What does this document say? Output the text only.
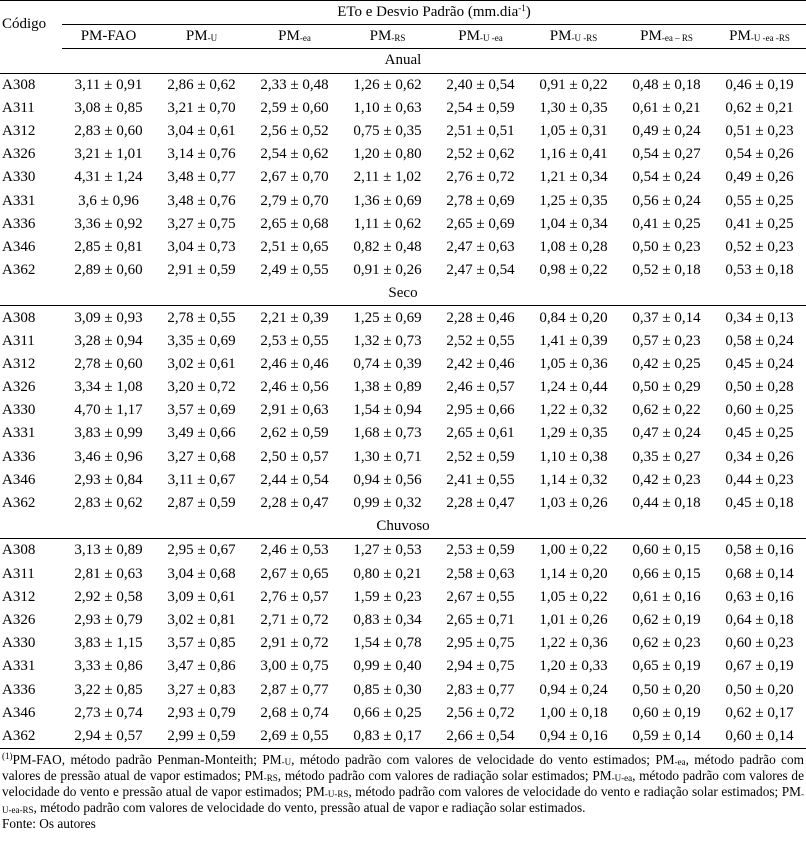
Código	ETo e Desvio Padrão (mm.dia$^{-1}$)							
	PM-FAO	$PM_{-U}$	$PM_{-ea}$	$PM_{-RS}$	$PM_{-U -ea}$	$PM_{-U -RS}$	$PM_{-ea - RS}$	$PM_{-U -ea -RS}$
Anual								
A308	3,11 ± 0,91	2,86 ± 0,62	2,33 ± 0,48	1,26 ± 0,62	2,40 ± 0,54	0,91 ± 0,22	0,48 ± 0,18	0,46 ± 0,19
A311	3,08 ± 0,85	3,21 ± 0,70	2,59 ± 0,60	1,10 ± 0,63	2,54 ± 0,59	1,30 ± 0,35	0,61 ± 0,21	0,62 ± 0,21
A312	2,83 ± 0,60	3,04 ± 0,61	2,56 ± 0,52	0,75 ± 0,35	2,51 ± 0,51	1,05 ± 0,31	0,49 ± 0,24	0,51 ± 0,23
A326	3,21 ± 1,01	3,14 ± 0,76	2,54 ± 0,62	1,20 ± 0,80	2,52 ± 0,62	1,16 ± 0,41	0,54 ± 0,27	0,54 ± 0,26
A330	4,31 ± 1,24	3,48 ± 0,77	2,67 ± 0,70	2,11 ± 1,02	2,76 ± 0,72	1,21 ± 0,34	0,54 ± 0,24	0,49 ± 0,26
A331	3,6 ± 0,96	3,48 ± 0,76	2,79 ± 0,70	1,36 ± 0,69	2,78 ± 0,69	1,25 ± 0,35	0,56 ± 0,24	0,55 ± 0,25
A336	3,36 ± 0,92	3,27 ± 0,75	2,65 ± 0,68	1,11 ± 0,62	2,65 ± 0,69	1,04 ± 0,34	0,41 ± 0,25	0,41 ± 0,25
A346	2,85 ± 0,81	3,04 ± 0,73	2,51 ± 0,65	0,82 ± 0,48	2,47 ± 0,63	1,08 ± 0,28	0,50 ± 0,23	0,52 ± 0,23
A362	2,89 ± 0,60	2,91 ± 0,59	2,49 ± 0,55	0,91 ± 0,26	2,47 ± 0,54	0,98 ± 0,22	0,52 ± 0,18	0,53 ± 0,18
Seco								
A308	3,09 ± 0,93	2,78 ± 0,55	2,21 ± 0,39	1,25 ± 0,69	2,28 ± 0,46	0,84 ± 0,20	0,37 ± 0,14	0,34 ± 0,13
A311	3,28 ± 0,94	3,35 ± 0,69	2,53 ± 0,55	1,32 ± 0,73	2,52 ± 0,55	1,41 ± 0,39	0,57 ± 0,23	0,58 ± 0,24
A312	2,78 ± 0,60	3,02 ± 0,61	2,46 ± 0,46	0,74 ± 0,39	2,42 ± 0,46	1,05 ± 0,36	0,42 ± 0,25	0,45 ± 0,24
A326	3,34 ± 1,08	3,20 ± 0,72	2,46 ± 0,56	1,38 ± 0,89	2,46 ± 0,57	1,24 ± 0,44	0,50 ± 0,29	0,50 ± 0,28
A330	4,70 ± 1,17	3,57 ± 0,69	2,91 ± 0,63	1,54 ± 0,94	2,95 ± 0,66	1,22 ± 0,32	0,62 ± 0,22	0,60 ± 0,25
A331	3,83 ± 0,99	3,49 ± 0,66	2,62 ± 0,59	1,68 ± 0,73	2,65 ± 0,61	1,29 ± 0,35	0,47 ± 0,24	0,45 ± 0,25
A336	3,46 ± 0,96	3,27 ± 0,68	2,50 ± 0,57	1,30 ± 0,71	2,52 ± 0,59	1,10 ± 0,38	0,35 ± 0,27	0,34 ± 0,26
A346	2,93 ± 0,84	3,11 ± 0,67	2,44 ± 0,54	0,94 ± 0,56	2,41 ± 0,55	1,14 ± 0,32	0,42 ± 0,23	0,44 ± 0,23
A362	2,83 ± 0,62	2,87 ± 0,59	2,28 ± 0,47	0,99 ± 0,32	2,28 ± 0,47	1,03 ± 0,26	0,44 ± 0,18	0,45 ± 0,18
Chuvoso								
A308	3,13 ± 0,89	2,95 ± 0,67	2,46 ± 0,53	1,27 ± 0,53	2,53 ± 0,59	1,00 ± 0,22	0,60 ± 0,15	0,58 ± 0,16
A311	2,81 ± 0,63	3,04 ± 0,68	2,67 ± 0,65	0,80 ± 0,21	2,58 ± 0,63	1,14 ± 0,20	0,66 ± 0,15	0,68 ± 0,14
A312	2,92 ± 0,58	3,09 ± 0,61	2,76 ± 0,57	1,59 ± 0,23	2,67 ± 0,55	1,05 ± 0,22	0,61 ± 0,16	0,63 ± 0,16
A326	2,93 ± 0,79	3,02 ± 0,81	2,71 ± 0,72	0,83 ± 0,34	2,65 ± 0,71	1,01 ± 0,26	0,62 ± 0,19	0,64 ± 0,18
A330	3,83 ± 1,15	3,57 ± 0,85	2,91 ± 0,72	1,54 ± 0,78	2,95 ± 0,75	1,22 ± 0,36	0,62 ± 0,23	0,60 ± 0,23
A331	3,33 ± 0,86	3,47 ± 0,86	3,00 ± 0,75	0,99 ± 0,40	2,94 ± 0,75	1,20 ± 0,33	0,65 ± 0,19	0,67 ± 0,19
A336	3,22 ± 0,85	3,27 ± 0,83	2,87 ± 0,77	0,85 ± 0,30	2,83 ± 0,77	0,94 ± 0,24	0,50 ± 0,20	0,50 ± 0,20
A346	2,73 ± 0,74	2,93 ± 0,79	2,68 ± 0,74	0,66 ± 0,25	2,56 ± 0,72	1,00 ± 0,18	0,60 ± 0,19	0,62 ± 0,17
A362	2,94 ± 0,57	2,99 ± 0,59	2,69 ± 0,55	0,83 ± 0,17	2,66 ± 0,54	0,94 ± 0,16	0,59 ± 0,14	0,60 ± 0,14
$^{(1)}$PM-FAO, método padrão Penman-Monteith; $PM_{-U}$, método padrão com valores de velocidade do vento estimados; $PM_{-ea}$, método padrão com valores de pressão atual de vapor estimados; $PM_{-RS}$, método padrão com valores de radiação solar estimados; $PM_{-U-ea}$, método padrão com valores de velocidade do vento e pressão atual de vapor estimados; $PM_{-U-RS}$, método padrão com valores de velocidade do vento e radiação solar estimados; $PM_{-U-ea-RS}$, método padrão com valores de velocidade do vento, pressão atual de vapor e radiação solar estimados.
Fonte: Os autores
